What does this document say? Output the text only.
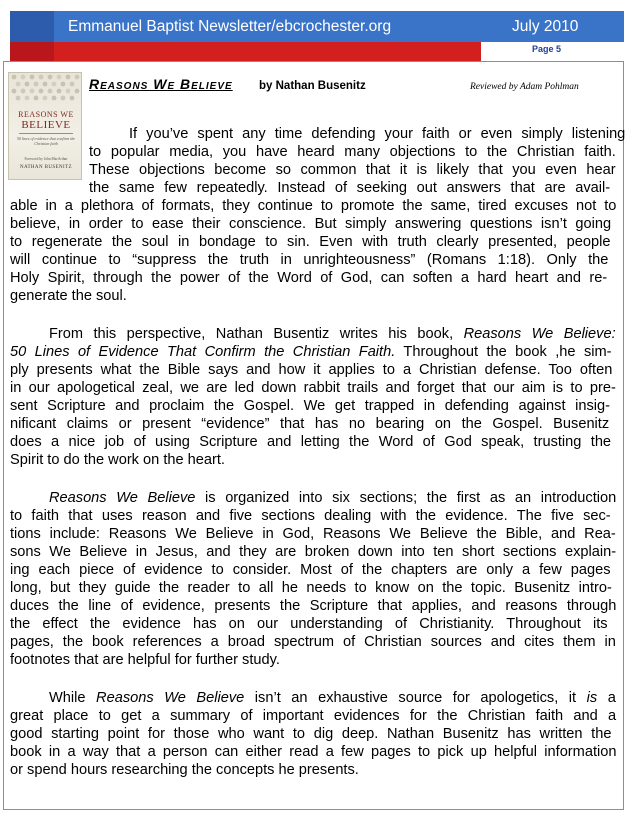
Emmanuel Baptist Newsletter/ebcrochester.org	July 2010
Page 5
REASONS WE
BELIEVE
50 lines of evidence that confirm the Christian faith
Foreword by John MacArthur
NATHAN BUSENITZ
Reasons We Believe by Nathan Busenitz	Reviewed by Adam Pohlman
If you’ve spent any time defending your faith or even simply listening
to popular media, you have heard many objections to the Christian faith.
These objections become so common that it is likely that you even hear
the same few repeatedly. Instead of seeking out answers that are avail-
able in a plethora of formats, they continue to promote the same, tired excuses not to
believe, in order to ease their conscience. But simply answering questions isn’t going
to regenerate the soul in bondage to sin. Even with truth clearly presented, people
will continue to “suppress the truth in unrighteousness” (Romans 1:18). Only the
Holy Spirit, through the power of the Word of God, can soften a hard heart and re-
generate the soul.
From this perspective, Nathan Busentiz writes his book, Reasons We Believe:
50 Lines of Evidence That Confirm the Christian Faith. Throughout the book ,he sim-
ply presents what the Bible says and how it applies to a Christian defense. Too often
in our apologetical zeal, we are led down rabbit trails and forget that our aim is to pre-
sent Scripture and proclaim the Gospel. We get trapped in defending against insig-
nificant claims or present “evidence” that has no bearing on the Gospel. Busenitz
does a nice job of using Scripture and letting the Word of God speak, trusting the
Spirit to do the work on the heart.
Reasons We Believe is organized into six sections; the first as an introduction
to faith that uses reason and five sections dealing with the evidence. The five sec-
tions include: Reasons We Believe in God, Reasons We Believe the Bible, and Rea-
sons We Believe in Jesus, and they are broken down into ten short sections explain-
ing each piece of evidence to consider. Most of the chapters are only a few pages
long, but they guide the reader to all he needs to know on the topic. Busenitz intro-
duces the line of evidence, presents the Scripture that applies, and reasons through
the effect the evidence has on our understanding of Christianity. Throughout its
pages, the book references a broad spectrum of Christian sources and cites them in
footnotes that are helpful for further study.
While Reasons We Believe isn’t an exhaustive source for apologetics, it is a
great place to get a summary of important evidences for the Christian faith and a
good starting point for those who want to dig deep. Nathan Busenitz has written the
book in a way that a person can either read a few pages to pick up helpful information
or spend hours researching the concepts he presents.
